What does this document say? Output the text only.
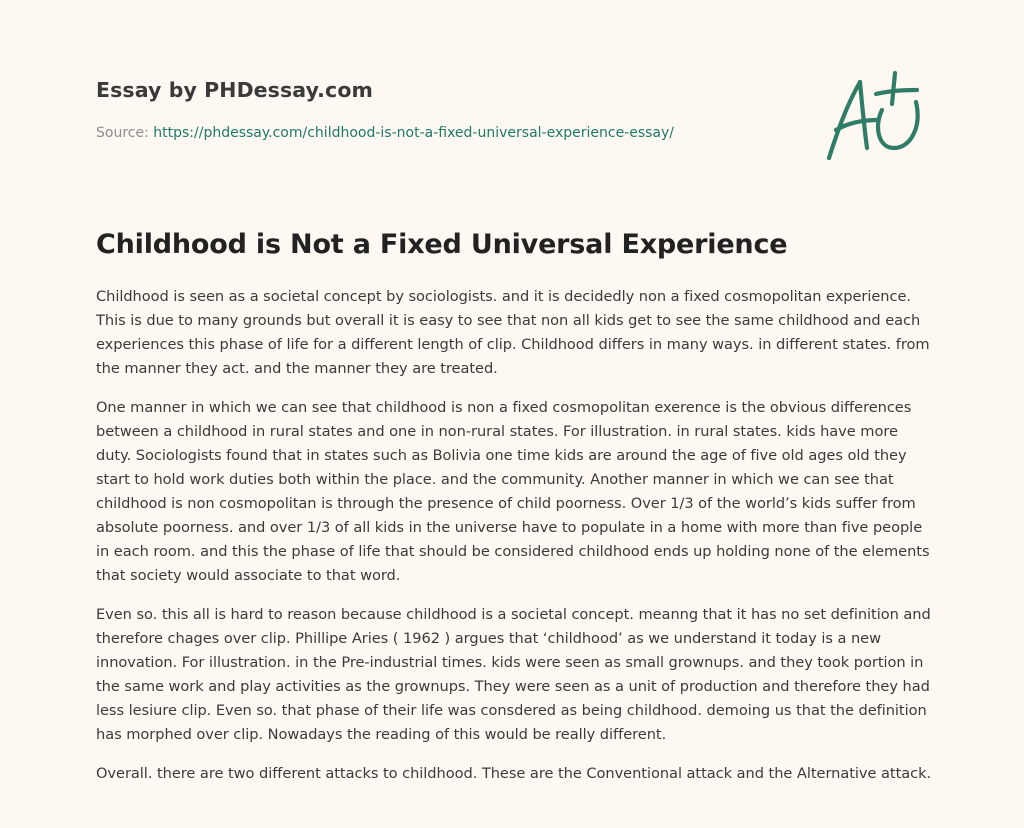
Essay by PHDessay.com
Source: https://phdessay.com/childhood-is-not-a-fixed-universal-experience-essay/
Childhood is Not a Fixed Universal Experience

Childhood is seen as a societal concept by sociologists. and it is decidedly non a fixed cosmopolitan experience. This is due to many grounds but overall it is easy to see that non all kids get to see the same childhood and each experiences this phase of life for a different length of clip. Childhood differs in many ways. in different states. from the manner they act. and the manner they are treated.

One manner in which we can see that childhood is non a fixed cosmopolitan exerence is the obvious differences between a childhood in rural states and one in non-rural states. For illustration. in rural states. kids have more duty. Sociologists found that in states such as Bolivia one time kids are around the age of five old ages old they start to hold work duties both within the place. and the community. Another manner in which we can see that childhood is non cosmopolitan is through the presence of child poorness. Over 1/3 of the world’s kids suffer from absolute poorness. and over 1/3 of all kids in the universe have to populate in a home with more than five people in each room. and this the phase of life that should be considered childhood ends up holding none of the elements that society would associate to that word.

Even so. this all is hard to reason because childhood is a societal concept. meanng that it has no set definition and therefore chages over clip. Phillipe Aries ( 1962 ) argues that ‘childhood’ as we understand it today is a new innovation. For illustration. in the Pre-industrial times. kids were seen as small grownups. and they took portion in the same work and play activities as the grownups. They were seen as a unit of production and therefore they had less lesiure clip. Even so. that phase of their life was consdered as being childhood. demoing us that the definition has morphed over clip. Nowadays the reading of this would be really different.

Overall. there are two different attacks to childhood. These are the Conventional attack and the Alternative attack.
